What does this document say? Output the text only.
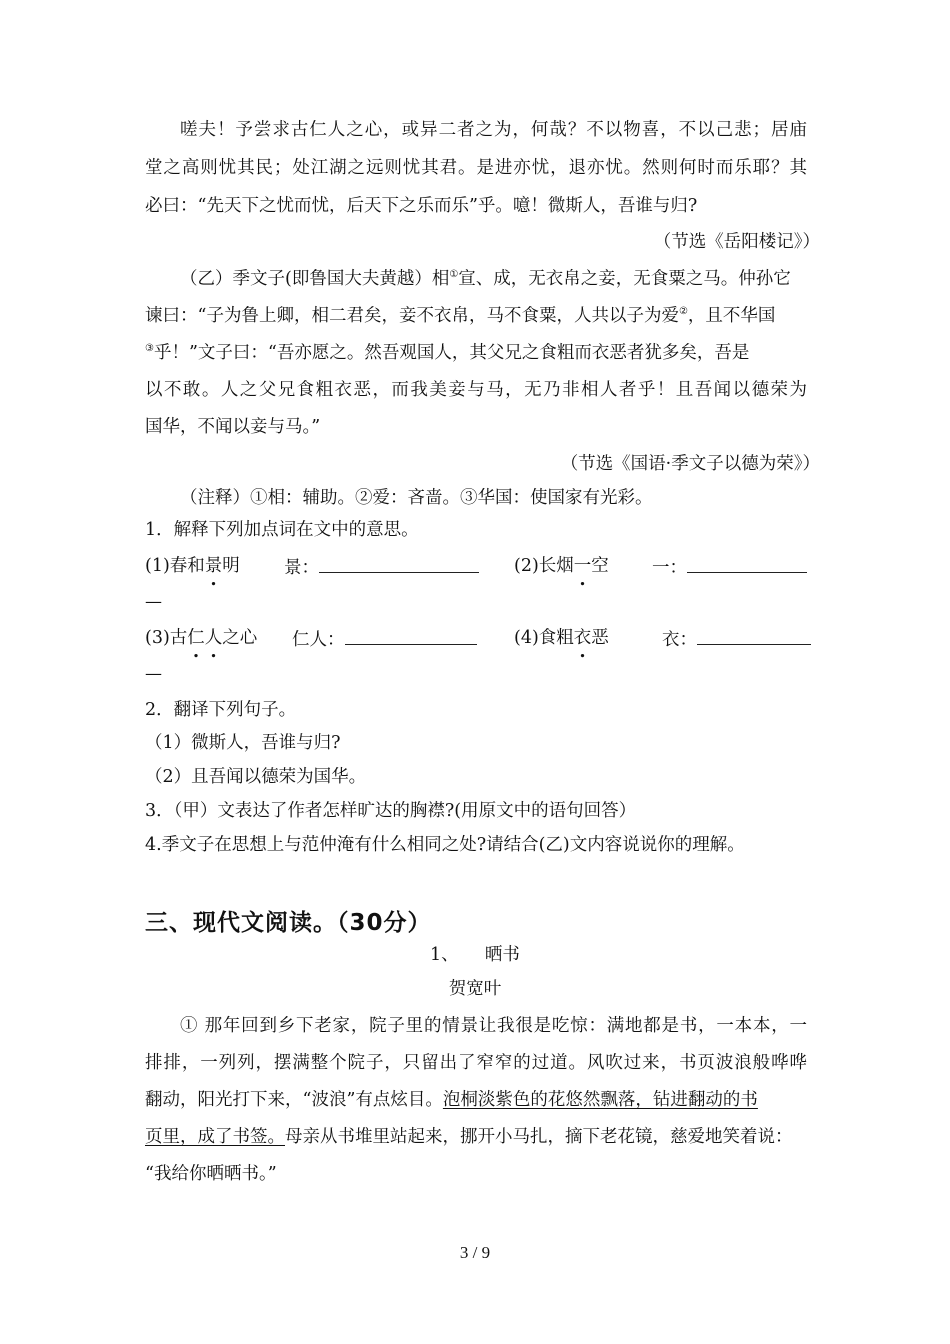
嗟夫！予尝求古仁人之心，或异二者之为，何哉？不以物喜，不以己悲；居庙
堂之高则忧其民；处江湖之远则忧其君。是进亦忧，退亦忧。然则何时而乐耶？其
必曰：“先天下之忧而忧，后天下之乐而乐”乎。噫！微斯人，吾谁与归?
（节选《岳阳楼记》）
（乙）季文子(即鲁国大夫黄越）相①宣、成，无衣帛之妾，无食粟之马。仲孙它
谏曰：“子为鲁上卿，相二君矣，妾不衣帛，马不食粟，人共以子为爱②，且不华国
③乎！”文子曰：“吾亦愿之。然吾观国人，其父兄之食粗而衣恶者犹多矣，吾是
以不敢。人之父兄食粗衣恶，而我美妾与马，无乃非相人者乎！且吾闻以德荣为
国华，不闻以妾与马。”
（节选《国语·季文子以德为荣》）
（注释）①相：辅助。②爱：吝啬。③华国：使国家有光彩。
1．解释下列加点词在文中的意思。
(1)春和景明	景：	(2)长烟一空 一：
—
(3)古仁人之心 仁人：	(4)食粗衣恶	衣：
—
2．翻译下列句子。
（1）微斯人，吾谁与归?
（2）且吾闻以德荣为国华。
3．（甲）文表达了作者怎样旷达的胸襟?(用原文中的语句回答）
4.季文子在思想上与范仲淹有什么相同之处?请结合(乙)文内容说说你的理解。
三、现代文阅读。（30分）
1、　　晒书
贺宽叶
① 那年回到乡下老家，院子里的情景让我很是吃惊：满地都是书，一本本，一
排排，一列列，摆满整个院子，只留出了窄窄的过道。风吹过来，书页波浪般哗哗
翻动，阳光打下来，“波浪”有点炫目。泡桐淡紫色的花悠然飘落，钻进翻动的书
页里，成了书签。母亲从书堆里站起来，挪开小马扎，摘下老花镜，慈爱地笑着说：
“我给你晒晒书。”
3 / 9
